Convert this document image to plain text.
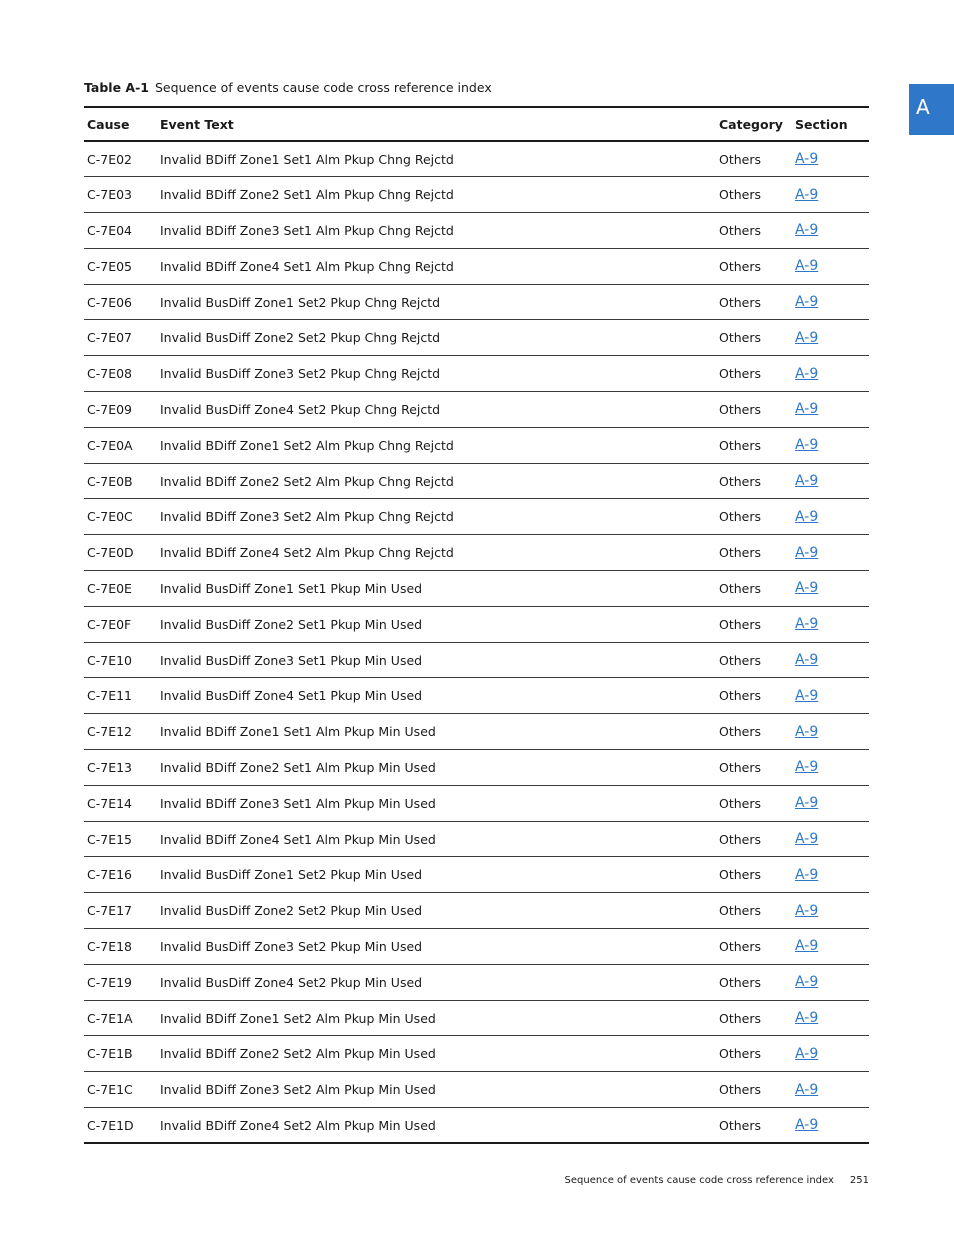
Table A-1 Sequence of events cause code cross reference index
A
Cause	Event Text	Category	Section
C-7E02	Invalid BDiff Zone1 Set1 Alm Pkup Chng Rejctd	Others	A-9
C-7E03	Invalid BDiff Zone2 Set1 Alm Pkup Chng Rejctd	Others	A-9
C-7E04	Invalid BDiff Zone3 Set1 Alm Pkup Chng Rejctd	Others	A-9
C-7E05	Invalid BDiff Zone4 Set1 Alm Pkup Chng Rejctd	Others	A-9
C-7E06	Invalid BusDiff Zone1 Set2 Pkup Chng Rejctd	Others	A-9
C-7E07	Invalid BusDiff Zone2 Set2 Pkup Chng Rejctd	Others	A-9
C-7E08	Invalid BusDiff Zone3 Set2 Pkup Chng Rejctd	Others	A-9
C-7E09	Invalid BusDiff Zone4 Set2 Pkup Chng Rejctd	Others	A-9
C-7E0A	Invalid BDiff Zone1 Set2 Alm Pkup Chng Rejctd	Others	A-9
C-7E0B	Invalid BDiff Zone2 Set2 Alm Pkup Chng Rejctd	Others	A-9
C-7E0C	Invalid BDiff Zone3 Set2 Alm Pkup Chng Rejctd	Others	A-9
C-7E0D	Invalid BDiff Zone4 Set2 Alm Pkup Chng Rejctd	Others	A-9
C-7E0E	Invalid BusDiff Zone1 Set1 Pkup Min Used	Others	A-9
C-7E0F	Invalid BusDiff Zone2 Set1 Pkup Min Used	Others	A-9
C-7E10	Invalid BusDiff Zone3 Set1 Pkup Min Used	Others	A-9
C-7E11	Invalid BusDiff Zone4 Set1 Pkup Min Used	Others	A-9
C-7E12	Invalid BDiff Zone1 Set1 Alm Pkup Min Used	Others	A-9
C-7E13	Invalid BDiff Zone2 Set1 Alm Pkup Min Used	Others	A-9
C-7E14	Invalid BDiff Zone3 Set1 Alm Pkup Min Used	Others	A-9
C-7E15	Invalid BDiff Zone4 Set1 Alm Pkup Min Used	Others	A-9
C-7E16	Invalid BusDiff Zone1 Set2 Pkup Min Used	Others	A-9
C-7E17	Invalid BusDiff Zone2 Set2 Pkup Min Used	Others	A-9
C-7E18	Invalid BusDiff Zone3 Set2 Pkup Min Used	Others	A-9
C-7E19	Invalid BusDiff Zone4 Set2 Pkup Min Used	Others	A-9
C-7E1A	Invalid BDiff Zone1 Set2 Alm Pkup Min Used	Others	A-9
C-7E1B	Invalid BDiff Zone2 Set2 Alm Pkup Min Used	Others	A-9
C-7E1C	Invalid BDiff Zone3 Set2 Alm Pkup Min Used	Others	A-9
C-7E1D	Invalid BDiff Zone4 Set2 Alm Pkup Min Used	Others	A-9
Sequence of events cause code cross reference index 251
